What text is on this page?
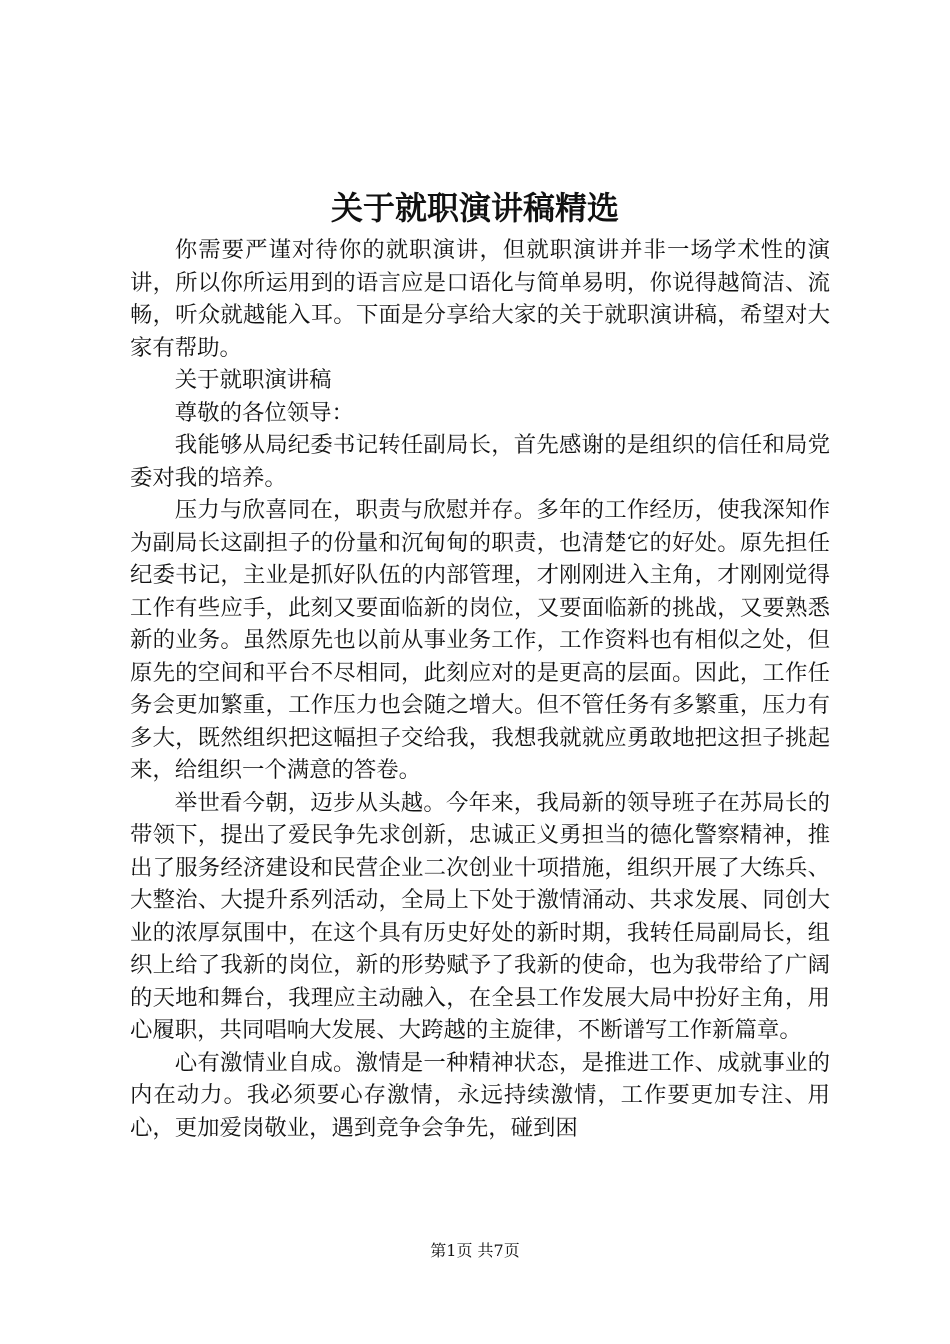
关于就职演讲稿精选

你需要严谨对待你的就职演讲，但就职演讲并非一场学术性的演讲，所以你所运用到的语言应是口语化与简单易明，你说得越简洁、流畅，听众就越能入耳。下面是分享给大家的关于就职演讲稿，希望对大家有帮助。

关于就职演讲稿

尊敬的各位领导：

我能够从局纪委书记转任副局长，首先感谢的是组织的信任和局党委对我的培养。

压力与欣喜同在，职责与欣慰并存。多年的工作经历，使我深知作为副局长这副担子的份量和沉甸甸的职责，也清楚它的好处。原先担任纪委书记，主业是抓好队伍的内部管理，才刚刚进入主角，才刚刚觉得工作有些应手，此刻又要面临新的岗位，又要面临新的挑战，又要熟悉新的业务。虽然原先也以前从事业务工作，工作资料也有相似之处，但原先的空间和平台不尽相同，此刻应对的是更高的层面。因此，工作任务会更加繁重，工作压力也会随之增大。但不管任务有多繁重，压力有多大，既然组织把这幅担子交给我，我想我就就应勇敢地把这担子挑起来，给组织一个满意的答卷。

举世看今朝，迈步从头越。今年来，我局新的领导班子在苏局长的带领下，提出了爱民争先求创新，忠诚正义勇担当的德化警察精神，推出了服务经济建设和民营企业二次创业十项措施，组织开展了大练兵、大整治、大提升系列活动，全局上下处于激情涌动、共求发展、同创大业的浓厚氛围中，在这个具有历史好处的新时期，我转任局副局长，组织上给了我新的岗位，新的形势赋予了我新的使命，也为我带给了广阔的天地和舞台，我理应主动融入，在全县工作发展大局中扮好主角，用心履职，共同唱响大发展、大跨越的主旋律，不断谱写工作新篇章。

心有激情业自成。激情是一种精神状态，是推进工作、成就事业的内在动力。我必须要心存激情，永远持续激情，工作要更加专注、用心，更加爱岗敬业，遇到竞争会争先，碰到困

第1页 共7页
